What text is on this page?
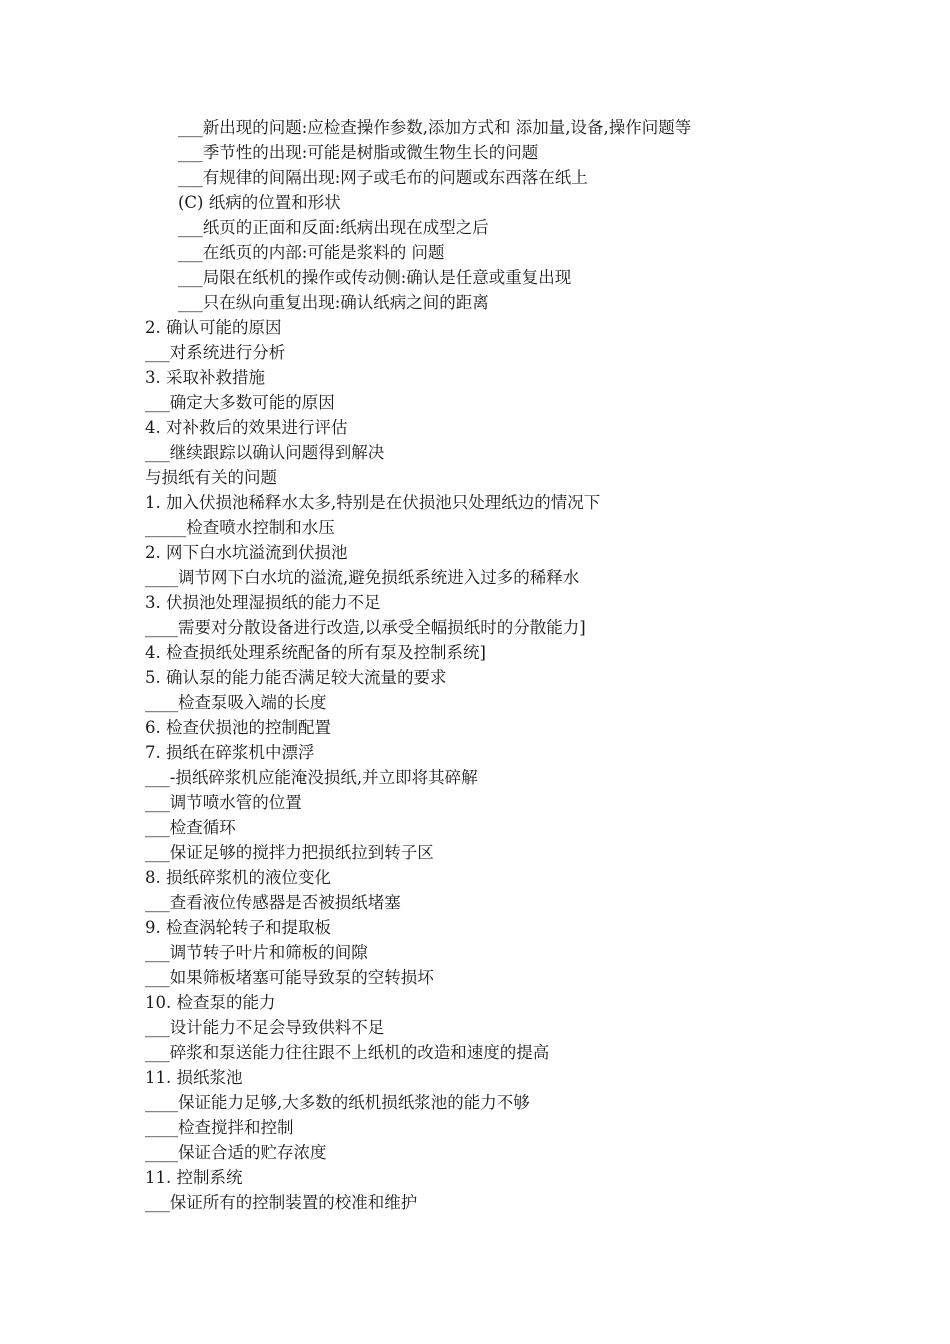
___新出现的问题:应检查操作参数,添加方式和 添加量,设备,操作问题等
___季节性的出现:可能是树脂或微生物生长的问题
___有规律的间隔出现:网子或毛布的问题或东西落在纸上
(C) 纸病的位置和形状
___纸页的正面和反面:纸病出现在成型之后
___在纸页的内部:可能是浆料的 问题
___局限在纸机的操作或传动侧:确认是任意或重复出现
___只在纵向重复出现:确认纸病之间的距离
2. 确认可能的原因
___对系统进行分析
3. 采取补救措施
___确定大多数可能的原因
4. 对补救后的效果进行评估
___继续跟踪以确认问题得到解决
与损纸有关的问题
1. 加入伏损池稀释水太多,特别是在伏损池只处理纸边的情况下
_____检查喷水控制和水压
2. 网下白水坑溢流到伏损池
____调节网下白水坑的溢流,避免损纸系统进入过多的稀释水
3. 伏损池处理湿损纸的能力不足
____需要对分散设备进行改造,以承受全幅损纸时的分散能力]
4. 检查损纸处理系统配备的所有泵及控制系统]
5. 确认泵的能力能否满足较大流量的要求
____检查泵吸入端的长度
6. 检查伏损池的控制配置
7. 损纸在碎浆机中漂浮
___-损纸碎浆机应能淹没损纸,并立即将其碎解
___调节喷水管的位置
___检查循环
___保证足够的搅拌力把损纸拉到转子区
8. 损纸碎浆机的液位变化
___查看液位传感器是否被损纸堵塞
9. 检查涡轮转子和提取板
___调节转子叶片和筛板的间隙
___如果筛板堵塞可能导致泵的空转损坏
10. 检查泵的能力
___设计能力不足会导致供料不足
___碎浆和泵送能力往往跟不上纸机的改造和速度的提高
11. 损纸浆池
____保证能力足够,大多数的纸机损纸浆池的能力不够
____检查搅拌和控制
____保证合适的贮存浓度
11. 控制系统
___保证所有的控制装置的校准和维护
